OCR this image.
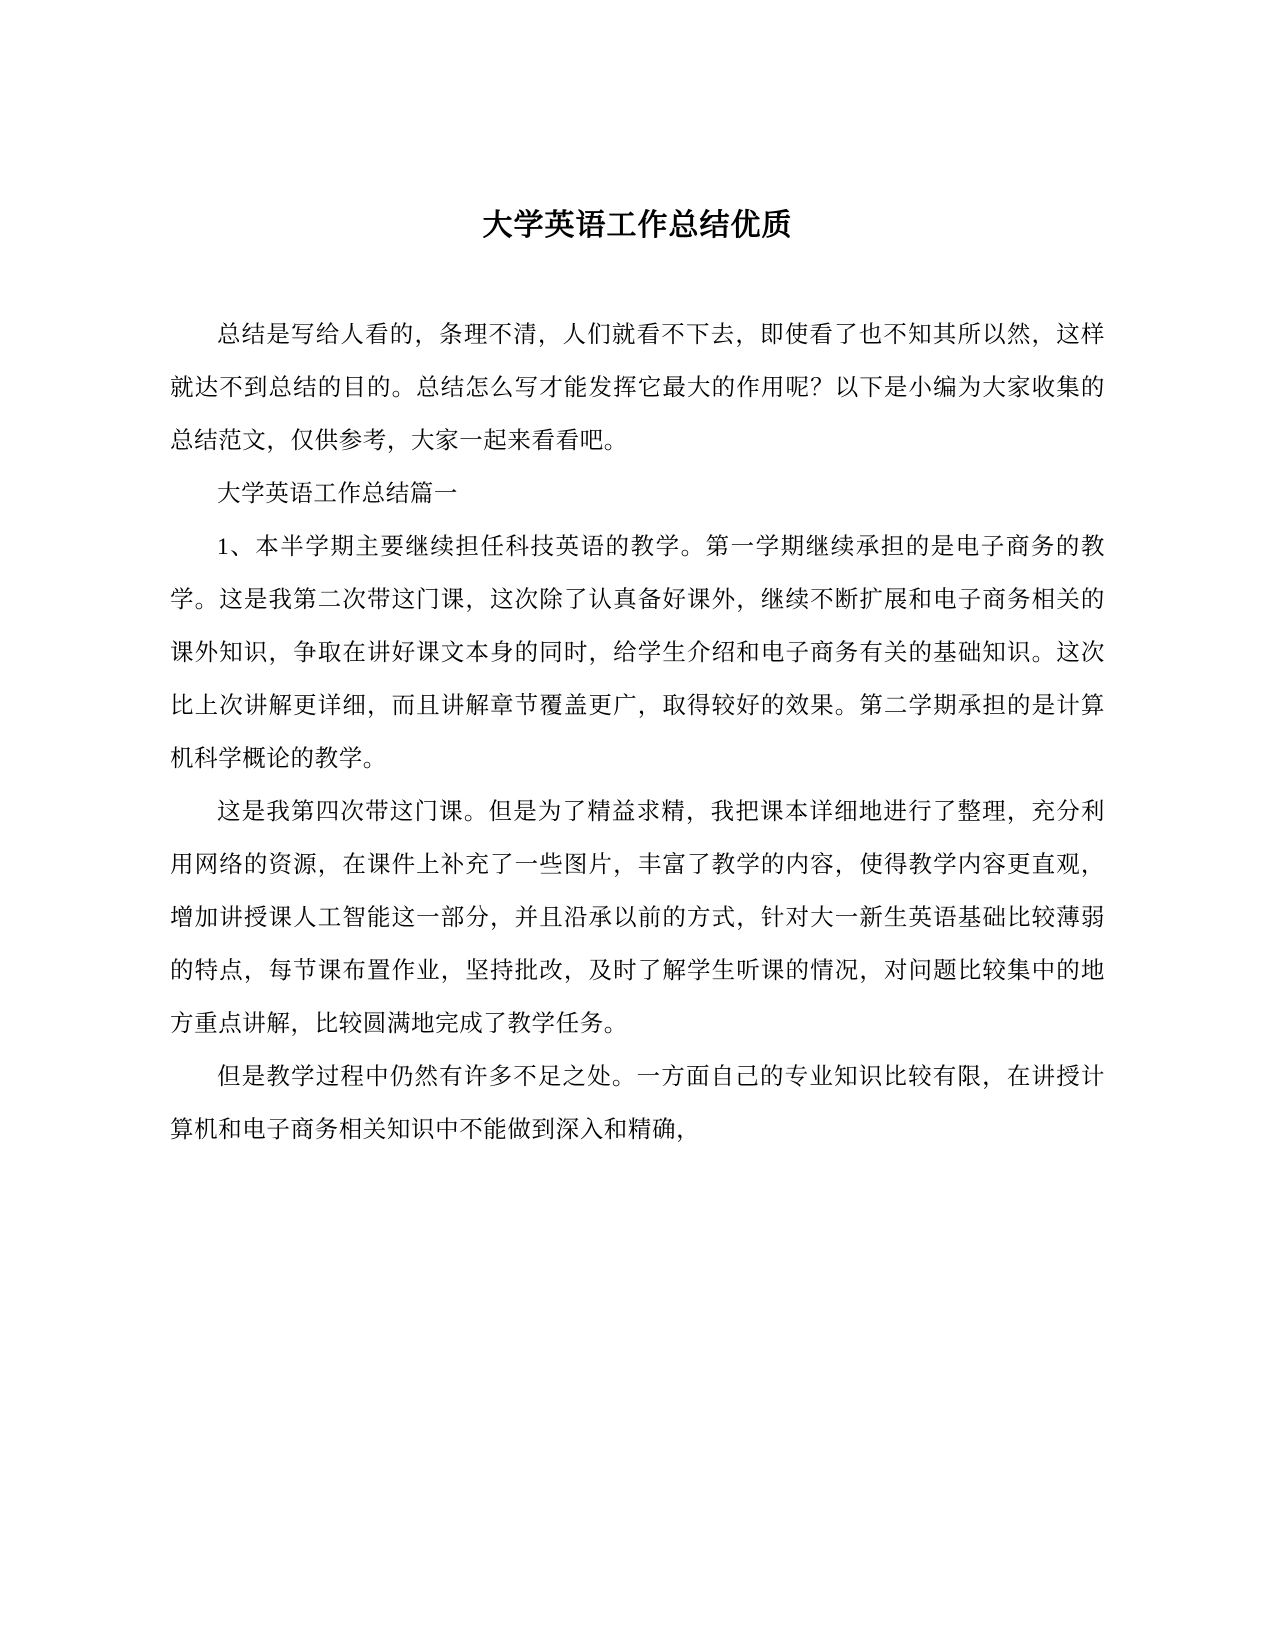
大学英语工作总结优质

总结是写给人看的，条理不清，人们就看不下去，即使看了也不知其所以然，这样就达不到总结的目的。总结怎么写才能发挥它最大的作用呢？以下是小编为大家收集的总结范文，仅供参考，大家一起来看看吧。

大学英语工作总结篇一

1、本半学期主要继续担任科技英语的教学。第一学期继续承担的是电子商务的教学。这是我第二次带这门课，这次除了认真备好课外，继续不断扩展和电子商务相关的课外知识，争取在讲好课文本身的同时，给学生介绍和电子商务有关的基础知识。这次比上次讲解更详细，而且讲解章节覆盖更广，取得较好的效果。第二学期承担的是计算机科学概论的教学。

这是我第四次带这门课。但是为了精益求精，我把课本详细地进行了整理，充分利用网络的资源，在课件上补充了一些图片，丰富了教学的内容，使得教学内容更直观，增加讲授课人工智能这一部分，并且沿承以前的方式，针对大一新生英语基础比较薄弱的特点，每节课布置作业，坚持批改，及时了解学生听课的情况，对问题比较集中的地方重点讲解，比较圆满地完成了教学任务。

但是教学过程中仍然有许多不足之处。一方面自己的专业知识比较有限，在讲授计算机和电子商务相关知识中不能做到深入和精确，
